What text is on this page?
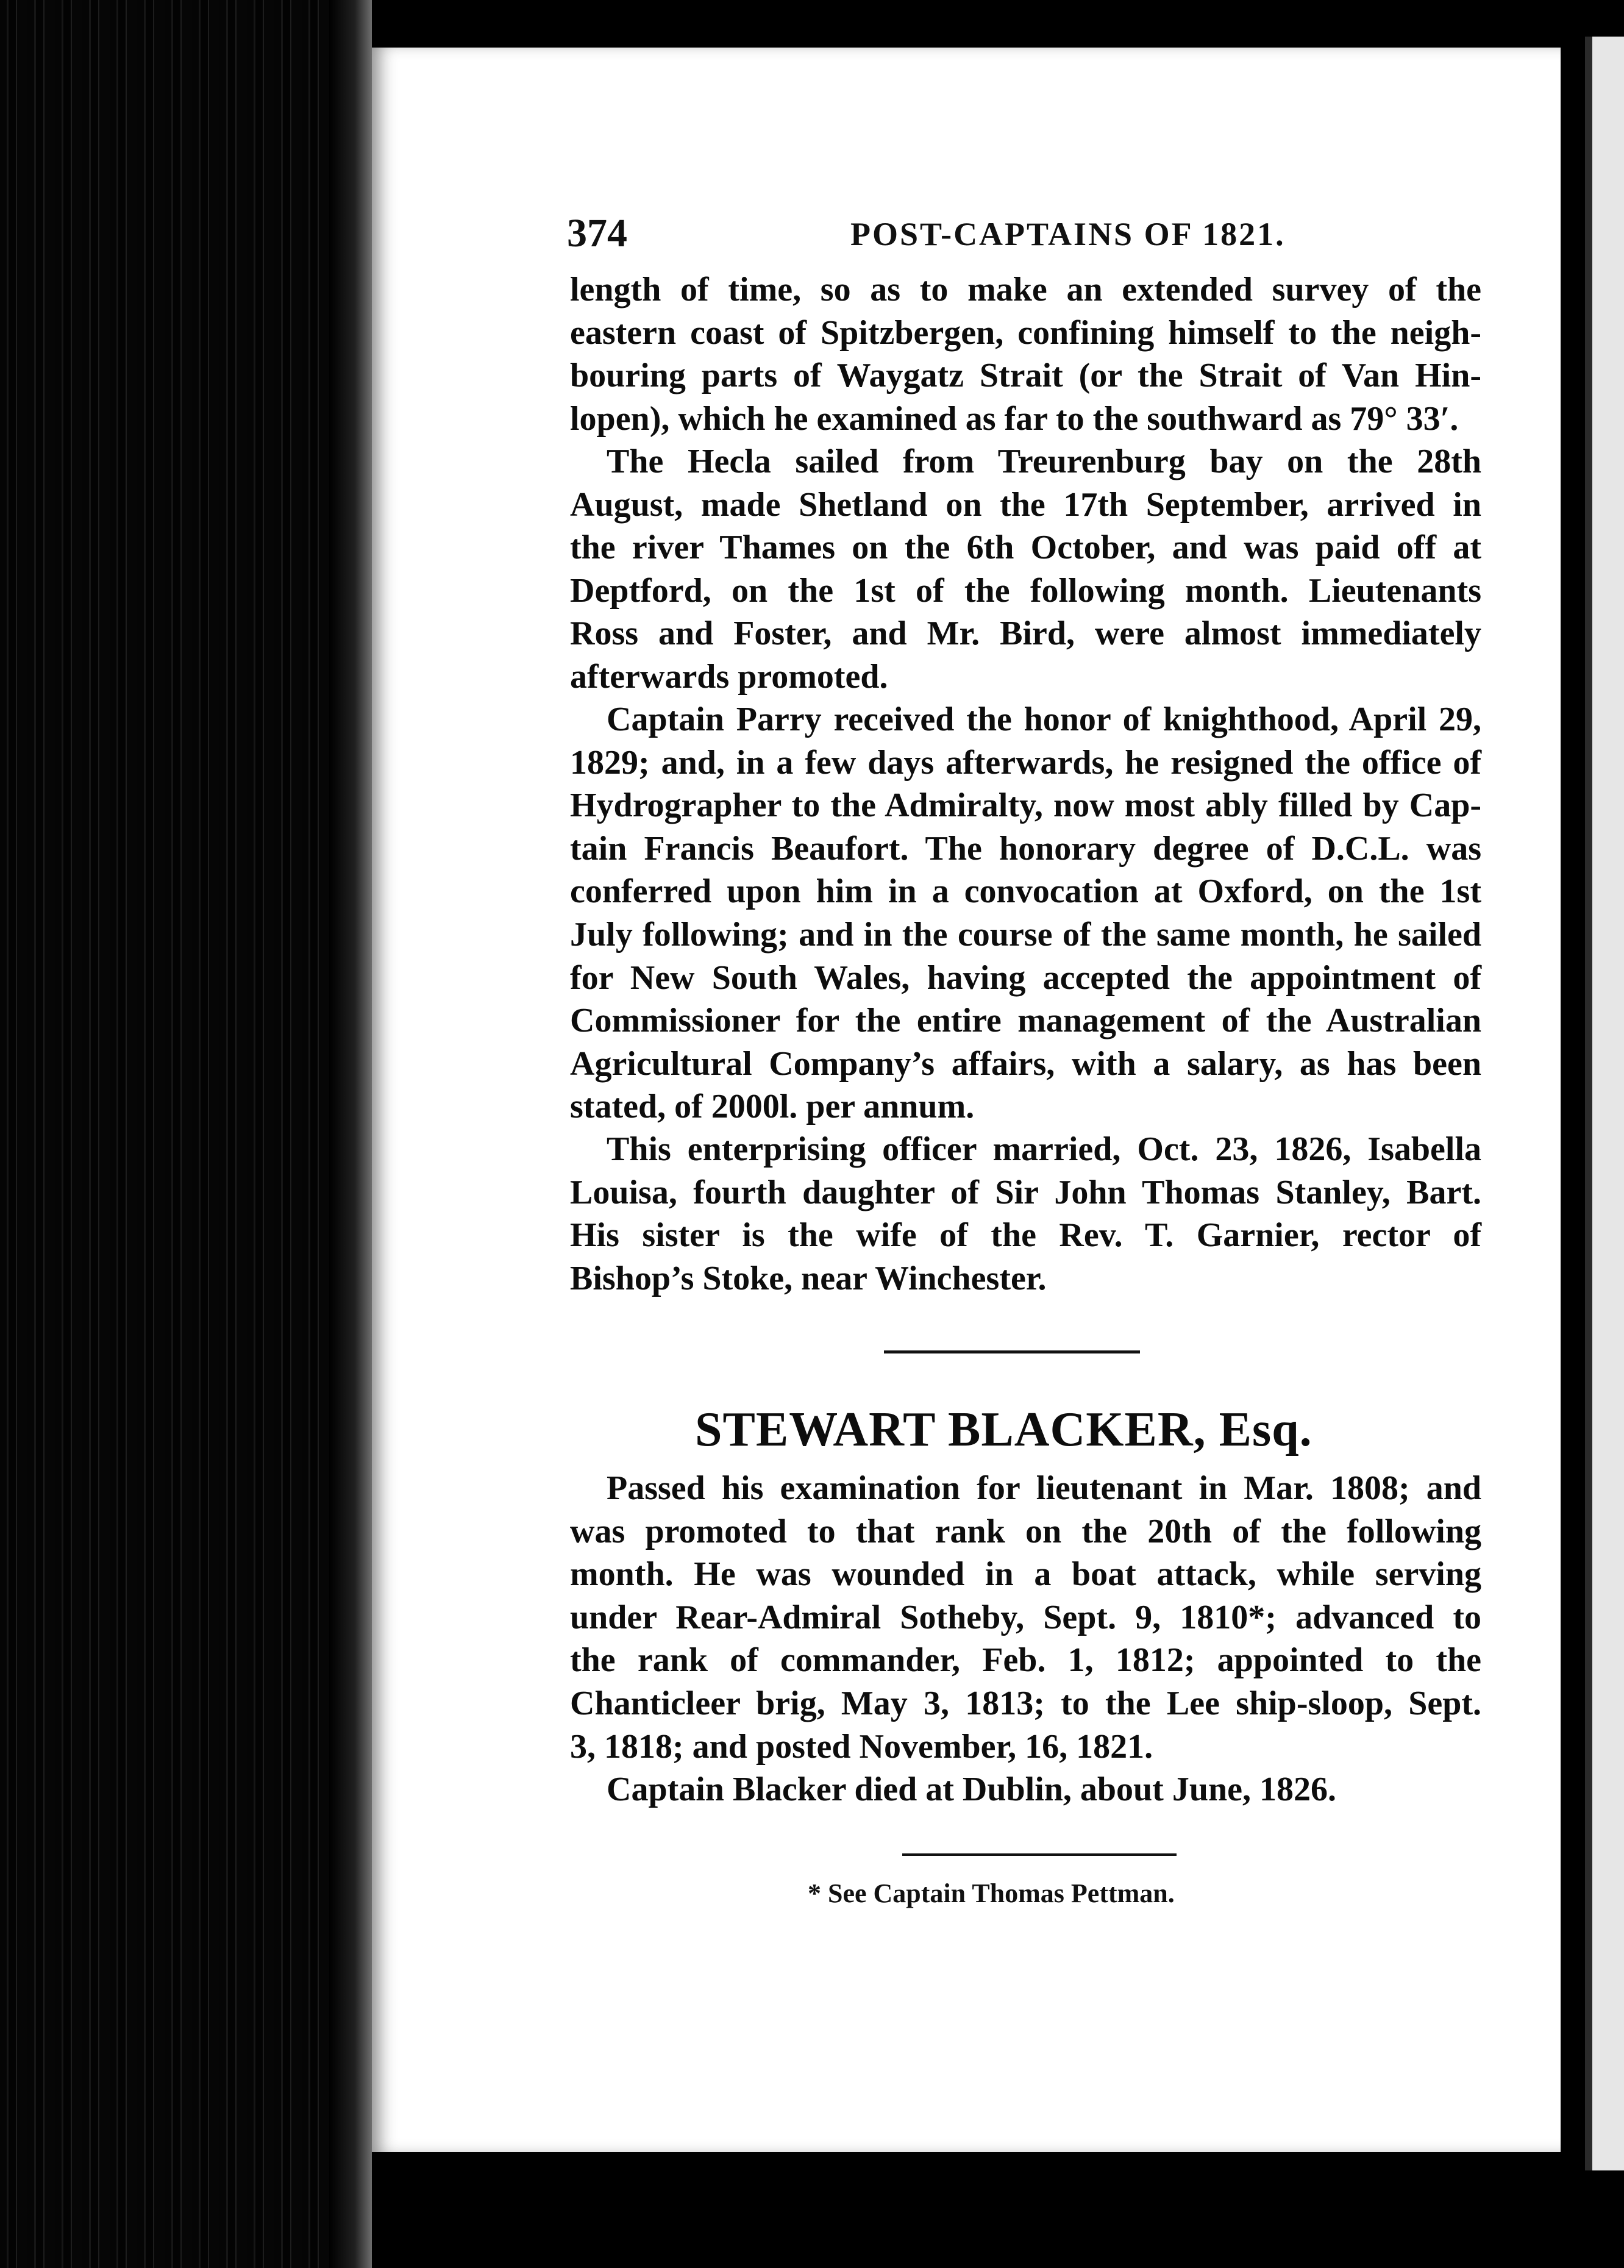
374	POST-CAPTAINS OF 1821.
length of time, so as to make an extended survey of the
eastern coast of Spitzbergen, confining himself to the neigh-
bouring parts of Waygatz Strait (or the Strait of Van Hin-
lopen), which he examined as far to the southward as 79° 33′.
The Hecla sailed from Treurenburg bay on the 28th
August, made Shetland on the 17th September, arrived in
the river Thames on the 6th October, and was paid off at
Deptford, on the 1st of the following month. Lieutenants
Ross and Foster, and Mr. Bird, were almost immediately
afterwards promoted.
Captain Parry received the honor of knighthood, April 29,
1829; and, in a few days afterwards, he resigned the office of
Hydrographer to the Admiralty, now most ably filled by Cap-
tain Francis Beaufort. The honorary degree of D.C.L. was
conferred upon him in a convocation at Oxford, on the 1st
July following; and in the course of the same month, he sailed
for New South Wales, having accepted the appointment of
Commissioner for the entire management of the Australian
Agricultural Company’s affairs, with a salary, as has been
stated, of 2000l. per annum.
This enterprising officer married, Oct. 23, 1826, Isabella
Louisa, fourth daughter of Sir John Thomas Stanley, Bart.
His sister is the wife of the Rev. T. Garnier, rector of
Bishop’s Stoke, near Winchester.
STEWART BLACKER, Esq.
Passed his examination for lieutenant in Mar. 1808; and
was promoted to that rank on the 20th of the following
month. He was wounded in a boat attack, while serving
under Rear-Admiral Sotheby, Sept. 9, 1810*; advanced to
the rank of commander, Feb. 1, 1812; appointed to the
Chanticleer brig, May 3, 1813; to the Lee ship-sloop, Sept.
3, 1818; and posted November, 16, 1821.
Captain Blacker died at Dublin, about June, 1826.
* See Captain Thomas Pettman.
